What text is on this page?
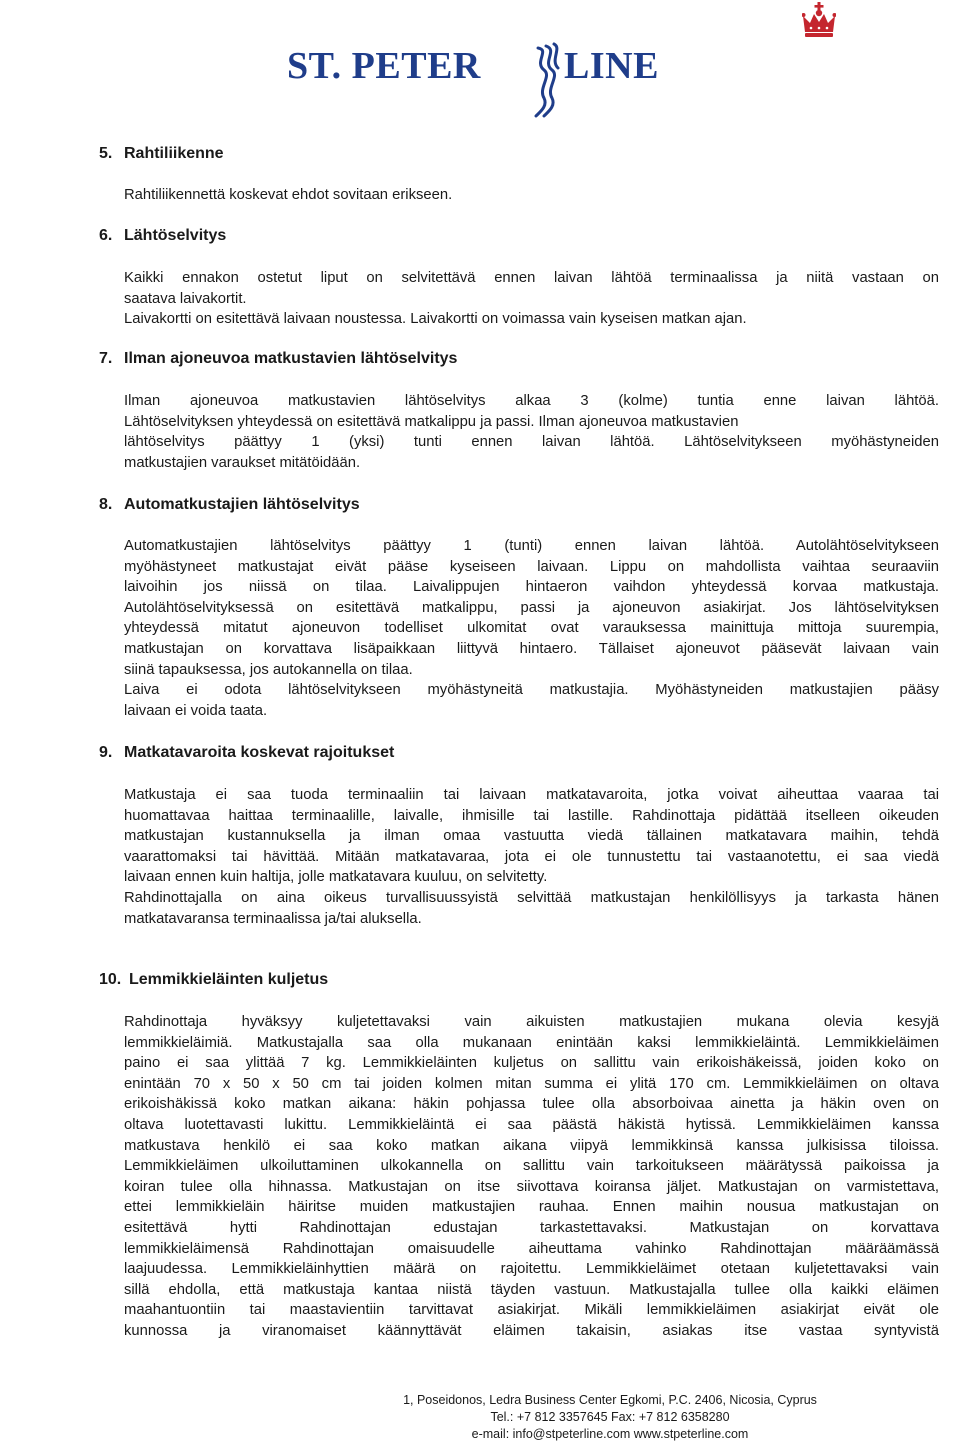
ST. PETER LINE
5. Rahtiliikenne
Rahtiliikennettä koskevat ehdot sovitaan erikseen.
6. Lähtöselvitys
Kaikki ennakon ostetut liput on selvitettävä ennen laivan lähtöä terminaalissa ja niitä vastaan on
saatava laivakortit.
Laivakortti on esitettävä laivaan noustessa. Laivakortti on voimassa vain kyseisen matkan ajan.
7. Ilman ajoneuvoa matkustavien lähtöselvitys
Ilman ajoneuvoa matkustavien lähtöselvitys alkaa 3 (kolme) tuntia enne laivan lähtöä.
Lähtöselvityksen yhteydessä on esitettävä matkalippu ja passi. Ilman ajoneuvoa matkustavien
lähtöselvitys päättyy 1 (yksi) tunti ennen laivan lähtöä. Lähtöselvitykseen myöhästyneiden
matkustajien varaukset mitätöidään.
8. Automatkustajien lähtöselvitys
Automatkustajien lähtöselvitys päättyy 1 (tunti) ennen laivan lähtöä. Autolähtöselvitykseen
myöhästyneet matkustajat eivät pääse kyseiseen laivaan. Lippu on mahdollista vaihtaa seuraaviin
laivoihin jos niissä on tilaa. Laivalippujen hintaeron vaihdon yhteydessä korvaa matkustaja.
Autolähtöselvityksessä on esitettävä matkalippu, passi ja ajoneuvon asiakirjat. Jos lähtöselvityksen
yhteydessä mitatut ajoneuvon todelliset ulkomitat ovat varauksessa mainittuja mittoja suurempia,
matkustajan on korvattava lisäpaikkaan liittyvä hintaero. Tällaiset ajoneuvot pääsevät laivaan vain
siinä tapauksessa, jos autokannella on tilaa.
Laiva ei odota lähtöselvitykseen myöhästyneitä matkustajia. Myöhästyneiden matkustajien pääsy
laivaan ei voida taata.
9. Matkatavaroita koskevat rajoitukset
Matkustaja ei saa tuoda terminaaliin tai laivaan matkatavaroita, jotka voivat aiheuttaa vaaraa tai
huomattavaa haittaa terminaalille, laivalle, ihmisille tai lastille. Rahdinottaja pidättää itselleen oikeuden
matkustajan kustannuksella ja ilman omaa vastuutta viedä tällainen matkatavara maihin, tehdä
vaarattomaksi tai hävittää. Mitään matkatavaraa, jota ei ole tunnustettu tai vastaanotettu, ei saa viedä
laivaan ennen kuin haltija, jolle matkatavara kuuluu, on selvitetty.
Rahdinottajalla on aina oikeus turvallisuussyistä selvittää matkustajan henkilöllisyys ja tarkasta hänen
matkatavaransa terminaalissa ja/tai aluksella.
10. Lemmikkieläinten kuljetus
Rahdinottaja hyväksyy kuljetettavaksi vain aikuisten matkustajien mukana olevia kesyjä
lemmikkieläimiä. Matkustajalla saa olla mukanaan enintään kaksi lemmikkieläintä. Lemmikkieläimen
paino ei saa ylittää 7 kg. Lemmikkieläinten kuljetus on sallittu vain erikoishäkeissä, joiden koko on
enintään 70 x 50 x 50 cm tai joiden kolmen mitan summa ei ylitä 170 cm. Lemmikkieläimen on oltava
erikoishäkissä koko matkan aikana: häkin pohjassa tulee olla absorboivaa ainetta ja häkin oven on
oltava luotettavasti lukittu. Lemmikkieläintä ei saa päästä häkistä hytissä. Lemmikkieläimen kanssa
matkustava henkilö ei saa koko matkan aikana viipyä lemmikkinsä kanssa julkisissa tiloissa.
Lemmikkieläimen ulkoiluttaminen ulkokannella on sallittu vain tarkoitukseen määrätyssä paikoissa ja
koiran tulee olla hihnassa. Matkustajan on itse siivottava koiransa jäljet. Matkustajan on varmistettava,
ettei lemmikkieläin häiritse muiden matkustajien rauhaa. Ennen maihin nousua matkustajan on
esitettävä hytti Rahdinottajan edustajan tarkastettavaksi. Matkustajan on korvattava
lemmikkieläimensä Rahdinottajan omaisuudelle aiheuttama vahinko Rahdinottajan määräämässä
laajuudessa. Lemmikkieläinhyttien määrä on rajoitettu. Lemmikkieläimet otetaan kuljetettavaksi vain
sillä ehdolla, että matkustaja kantaa niistä täyden vastuun. Matkustajalla tullee olla kaikki eläimen
maahantuontiin tai maastavientiin tarvittavat asiakirjat. Mikäli lemmikkieläimen asiakirjat eivät ole
kunnossa ja viranomaiset käännyttävät eläimen takaisin, asiakas itse vastaa syntyvistä
1, Poseidonos, Ledra Business Center Egkomi, P.C. 2406, Nicosia, Cyprus
Tel.: +7 812 3357645 Fax: +7 812 6358280
e-mail: info@stpeterline.com www.stpeterline.com
